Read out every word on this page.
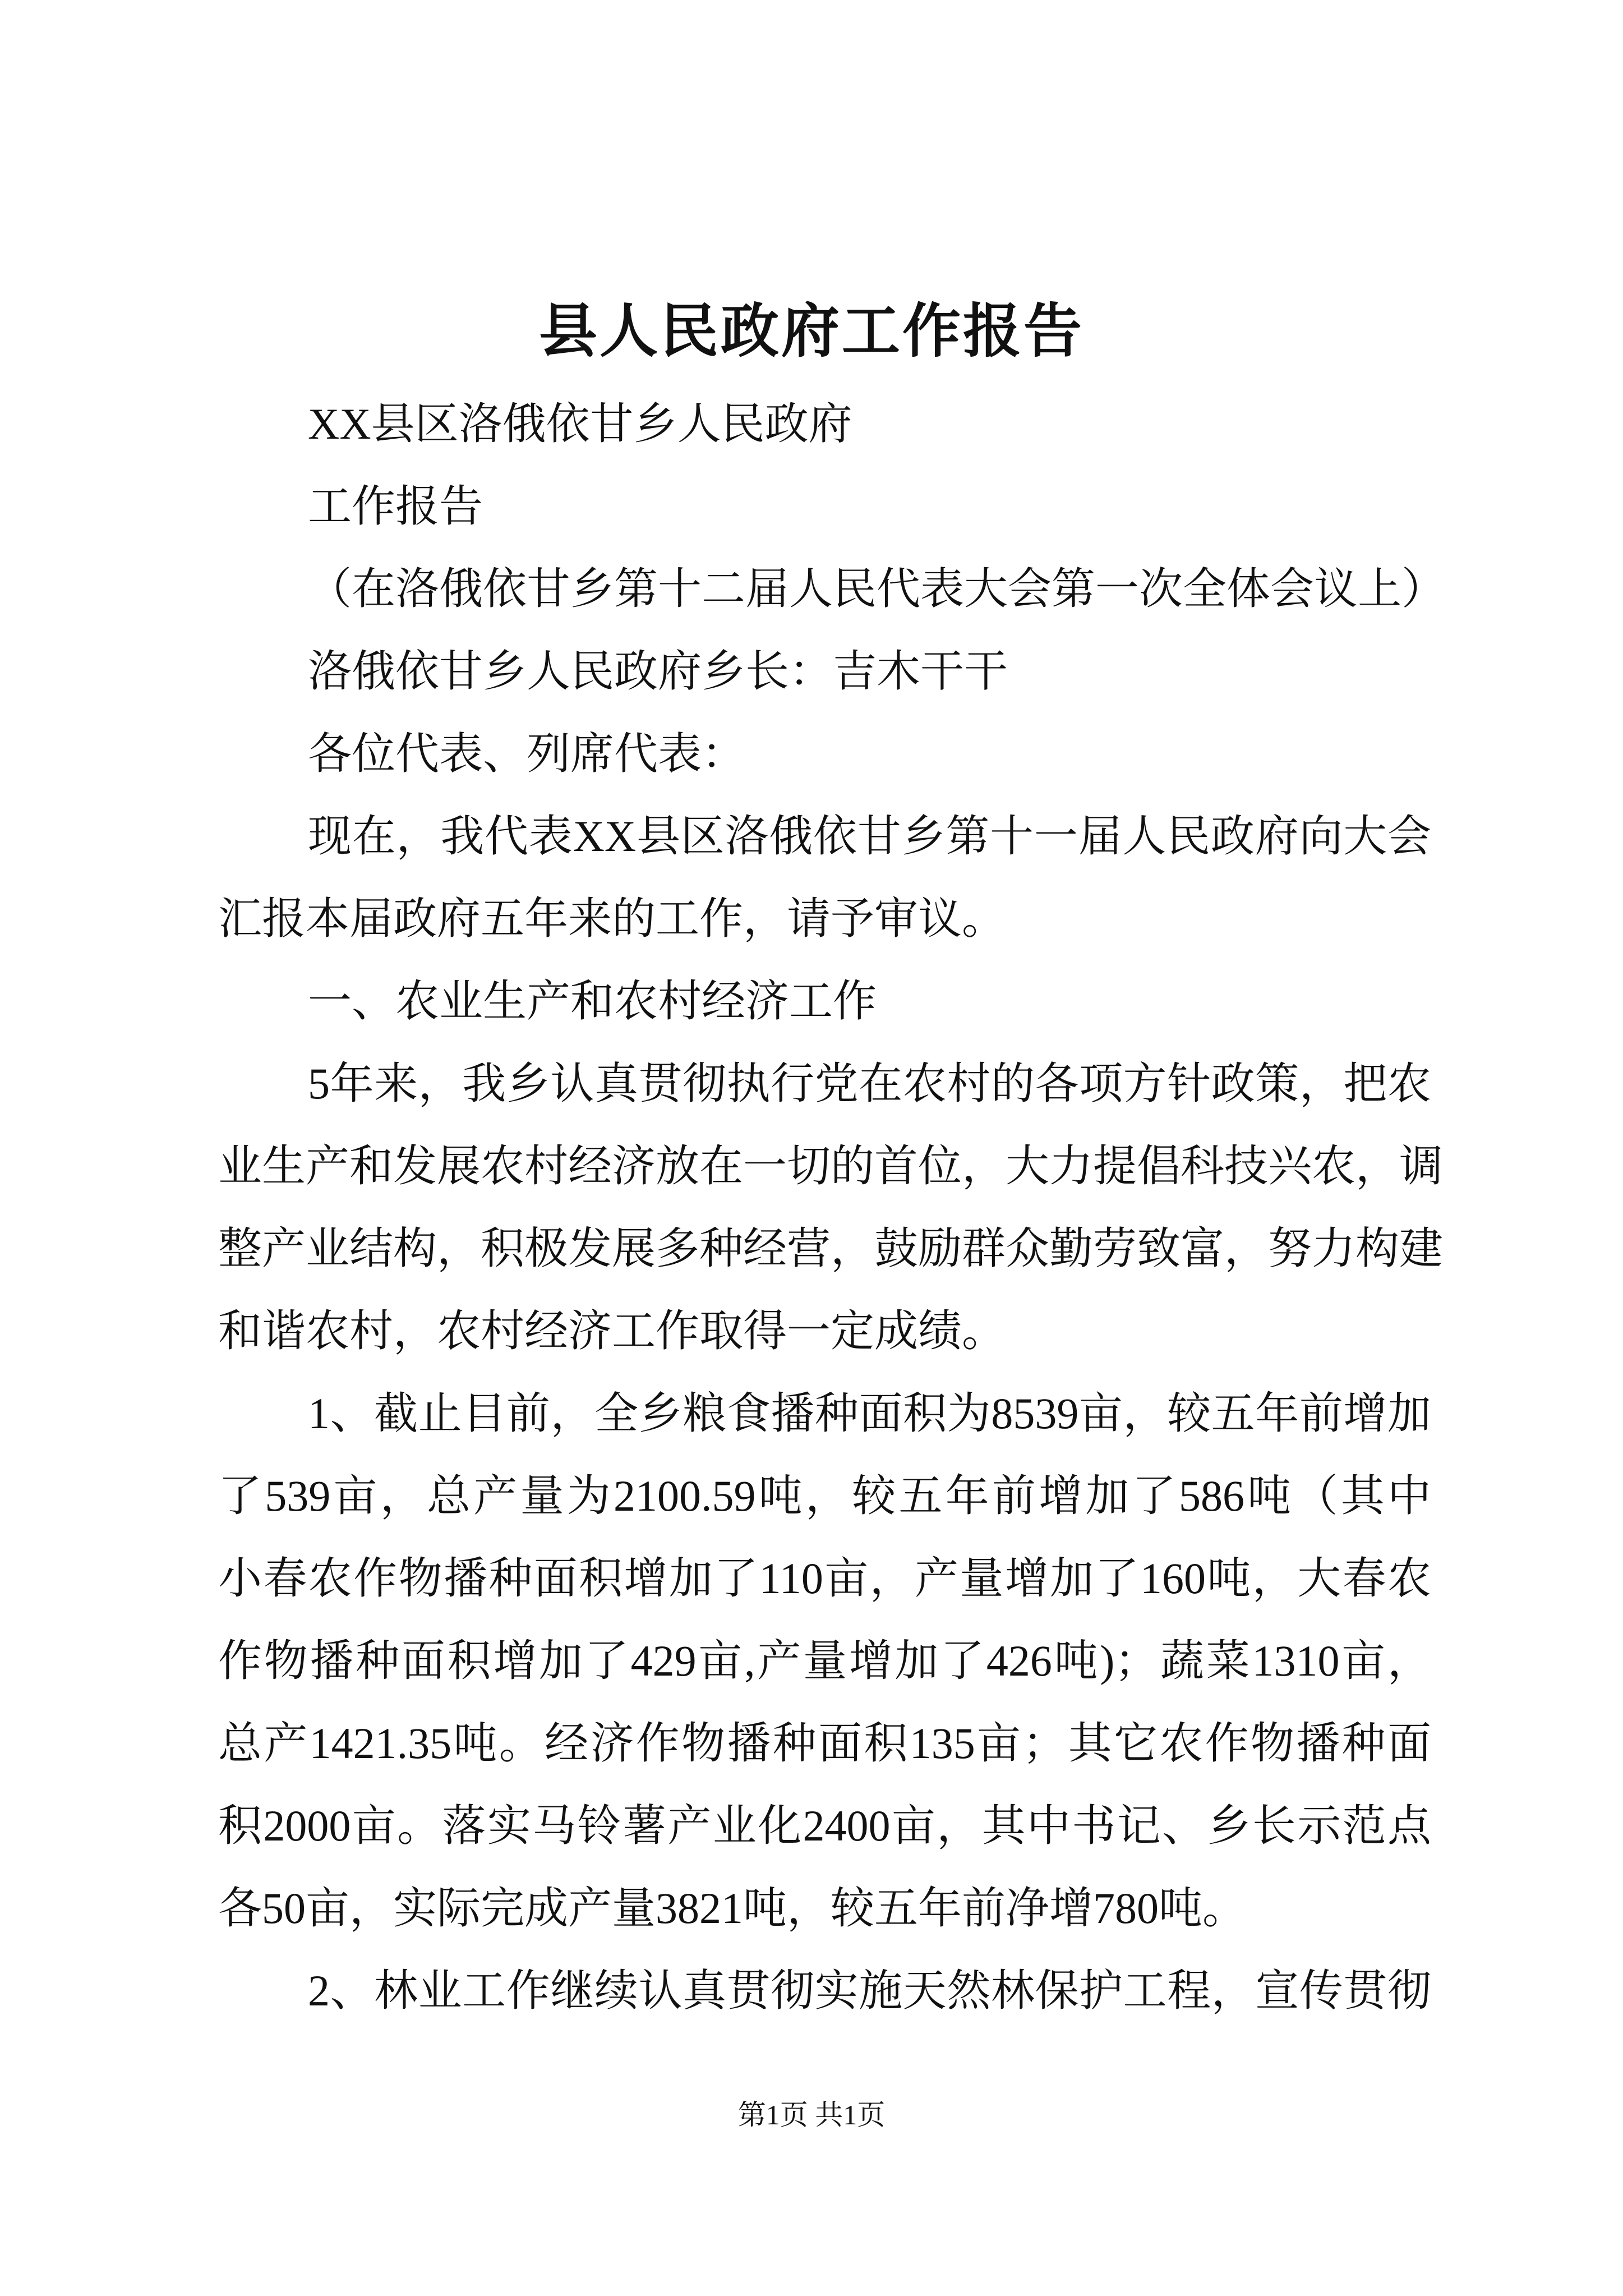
县人民政府工作报告
XX县区洛俄依甘乡人民政府
工作报告
（在洛俄依甘乡第十二届人民代表大会第一次全体会议上）
洛俄依甘乡人民政府乡长：吉木干干
各位代表、列席代表：
现在，我代表XX县区洛俄依甘乡第十一届人民政府向大会
汇报本届政府五年来的工作，请予审议。
一、农业生产和农村经济工作
5年来，我乡认真贯彻执行党在农村的各项方针政策，把农
业生产和发展农村经济放在一切的首位，大力提倡科技兴农，调
整产业结构，积极发展多种经营，鼓励群众勤劳致富，努力构建
和谐农村，农村经济工作取得一定成绩。
1、截止目前，全乡粮食播种面积为8539亩，较五年前增加
了539亩，总产量为2100.59吨，较五年前增加了586吨（其中
小春农作物播种面积增加了110亩，产量增加了160吨，大春农
作物播种面积增加了429亩,产量增加了426吨)；蔬菜1310亩，
总产1421.35吨。经济作物播种面积135亩；其它农作物播种面
积2000亩。落实马铃薯产业化2400亩，其中书记、乡长示范点
各50亩，实际完成产量3821吨，较五年前净增780吨。
2、林业工作继续认真贯彻实施天然林保护工程，宣传贯彻
第1页 共1页
